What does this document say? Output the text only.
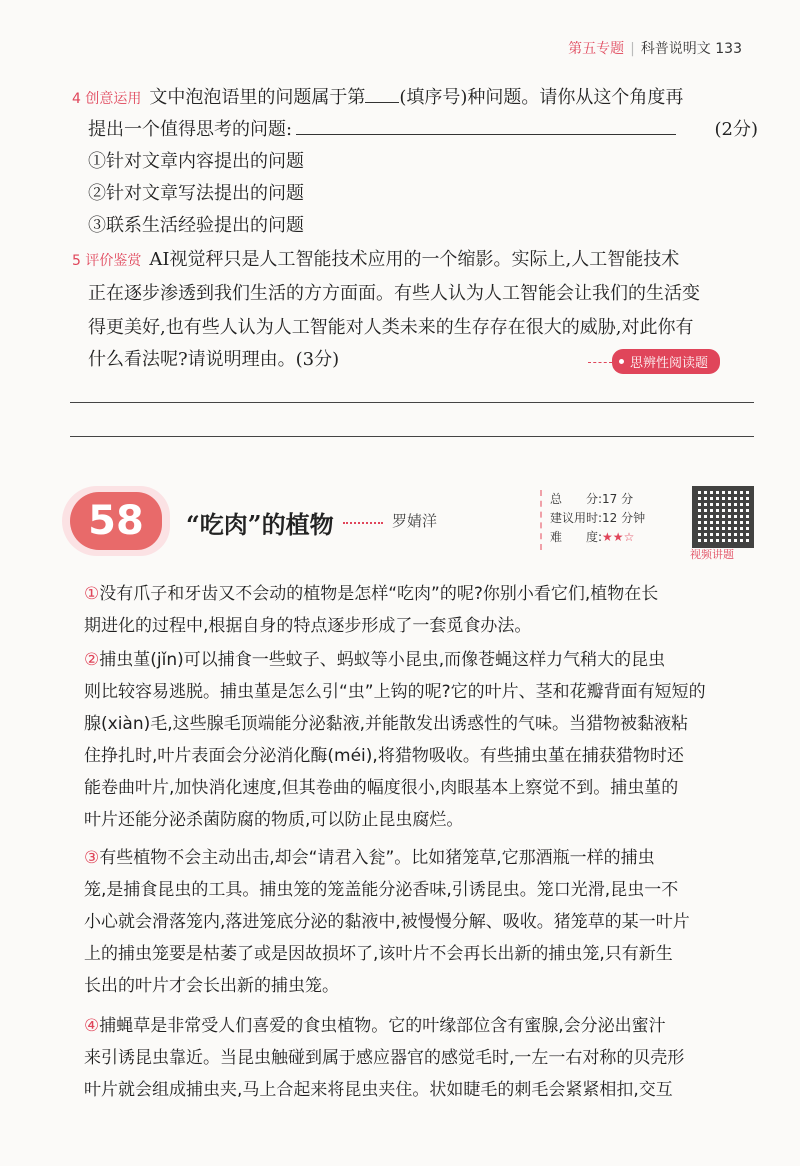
第五专题 | 科普说明文 133
4 创意运用 文中泡泡语里的问题属于第 (填序号)种问题。请你从这个角度再
提出一个值得思考的问题:	(2分)
①针对文章内容提出的问题
②针对文章写法提出的问题
③联系生活经验提出的问题
5 评价鉴赏 AI视觉秤只是人工智能技术应用的一个缩影。实际上,人工智能技术
正在逐步渗透到我们生活的方方面面。有些人认为人工智能会让我们的生活变
得更美好,也有些人认为人工智能对人类未来的生存存在很大的威胁,对此你有
什么看法呢?请说明理由。(3分)	思辨性阅读题
58	“吃肉”的植物	罗婧洋
总　　分:17 分
建议用时:12 分钟
难　　度:★★☆
视频讲题

①没有爪子和牙齿又不会动的植物是怎样“吃肉”的呢?你别小看它们,植物在长

期进化的过程中,根据自身的特点逐步形成了一套觅食办法。

②捕虫堇(jǐn)可以捕食一些蚊子、蚂蚁等小昆虫,而像苍蝇这样力气稍大的昆虫

则比较容易逃脱。捕虫堇是怎么引“虫”上钩的呢?它的叶片、茎和花瓣背面有短短的

腺(xiàn)毛,这些腺毛顶端能分泌黏液,并能散发出诱惑性的气味。当猎物被黏液粘

住挣扎时,叶片表面会分泌消化酶(méi),将猎物吸收。有些捕虫堇在捕获猎物时还

能卷曲叶片,加快消化速度,但其卷曲的幅度很小,肉眼基本上察觉不到。捕虫堇的

叶片还能分泌杀菌防腐的物质,可以防止昆虫腐烂。

③有些植物不会主动出击,却会“请君入瓮”。比如猪笼草,它那酒瓶一样的捕虫

笼,是捕食昆虫的工具。捕虫笼的笼盖能分泌香味,引诱昆虫。笼口光滑,昆虫一不

小心就会滑落笼内,落进笼底分泌的黏液中,被慢慢分解、吸收。猪笼草的某一叶片

上的捕虫笼要是枯萎了或是因故损坏了,该叶片不会再长出新的捕虫笼,只有新生

长出的叶片才会长出新的捕虫笼。

④捕蝇草是非常受人们喜爱的食虫植物。它的叶缘部位含有蜜腺,会分泌出蜜汁

来引诱昆虫靠近。当昆虫触碰到属于感应器官的感觉毛时,一左一右对称的贝壳形

叶片就会组成捕虫夹,马上合起来将昆虫夹住。状如睫毛的刺毛会紧紧相扣,交互
